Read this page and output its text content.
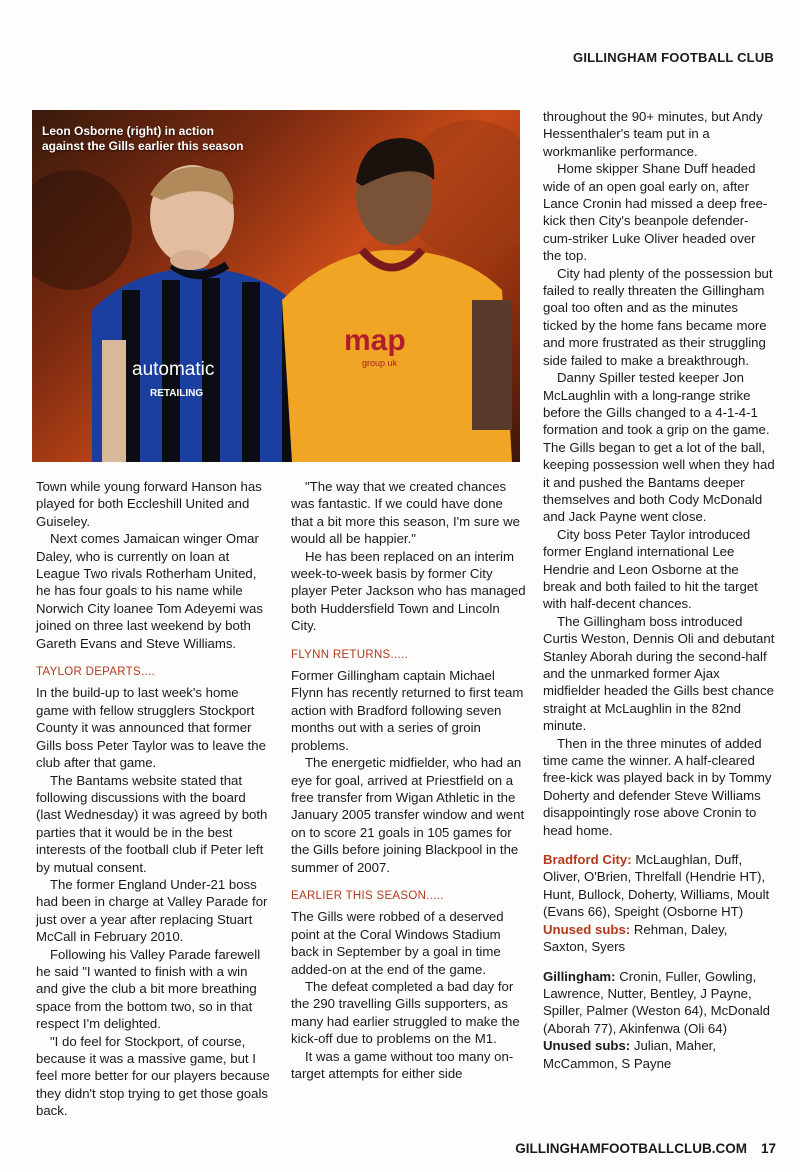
GILLINGHAM FOOTBALL CLUB
automatic
RETAILING
map
group uk
Leon Osborne (right) in action against the Gills earlier this season

Town while young forward Hanson has played for both Eccleshill United and Guiseley.

Next comes Jamaican winger Omar Daley, who is currently on loan at League Two rivals Rotherham United, he has four goals to his name while Norwich City loanee Tom Adeyemi was joined on three last weekend by both Gareth Evans and Steve Williams.

TAYLOR DEPARTS....

In the build-up to last week's home game with fellow strugglers Stockport County it was announced that former Gills boss Peter Taylor was to leave the club after that game.

The Bantams website stated that following discussions with the board (last Wednesday) it was agreed by both parties that it would be in the best interests of the football club if Peter left by mutual consent.

The former England Under-21 boss had been in charge at Valley Parade for just over a year after replacing Stuart McCall in February 2010.

Following his Valley Parade farewell he said "I wanted to finish with a win and give the club a bit more breathing space from the bottom two, so in that respect I'm delighted.

"I do feel for Stockport, of course, because it was a massive game, but I feel more better for our players because they didn't stop trying to get those goals back.

"The way that we created chances was fantastic. If we could have done that a bit more this season, I'm sure we would all be happier."

He has been replaced on an interim week-to-week basis by former City player Peter Jackson who has managed both Huddersfield Town and Lincoln City.

FLYNN RETURNS.....

Former Gillingham captain Michael Flynn has recently returned to first team action with Bradford following seven months out with a series of groin problems.

The energetic midfielder, who had an eye for goal, arrived at Priestfield on a free transfer from Wigan Athletic in the January 2005 transfer window and went on to score 21 goals in 105 games for the Gills before joining Blackpool in the summer of 2007.

EARLIER THIS SEASON.....

The Gills were robbed of a deserved point at the Coral Windows Stadium back in September by a goal in time added-on at the end of the game.

The defeat completed a bad day for the 290 travelling Gills supporters, as many had earlier struggled to make the kick-off due to problems on the M1.

It was a game without too many on-target attempts for either side

throughout the 90+ minutes, but Andy Hessenthaler's team put in a workmanlike performance.

Home skipper Shane Duff headed wide of an open goal early on, after Lance Cronin had missed a deep free-kick then City's beanpole defender-cum-striker Luke Oliver headed over the top.

City had plenty of the possession but failed to really threaten the Gillingham goal too often and as the minutes ticked by the home fans became more and more frustrated as their struggling side failed to make a breakthrough.

Danny Spiller tested keeper Jon McLaughlin with a long-range strike before the Gills changed to a 4-1-4-1 formation and took a grip on the game. The Gills began to get a lot of the ball, keeping possession well when they had it and pushed the Bantams deeper themselves and both Cody McDonald and Jack Payne went close.

City boss Peter Taylor introduced former England international Lee Hendrie and Leon Osborne at the break and both failed to hit the target with half-decent chances.

The Gillingham boss introduced Curtis Weston, Dennis Oli and debutant Stanley Aborah during the second-half and the unmarked former Ajax midfielder headed the Gills best chance straight at McLaughlin in the 82nd minute.

Then in the three minutes of added time came the winner. A half-cleared free-kick was played back in by Tommy Doherty and defender Steve Williams disappointingly rose above Cronin to head home.

Bradford City: McLaughlan, Duff, Oliver, O'Brien, Threlfall (Hendrie HT), Hunt, Bullock, Doherty, Williams, Moult (Evans 66), Speight (Osborne HT) Unused subs: Rehman, Daley, Saxton, Syers

Gillingham: Cronin, Fuller, Gowling, Lawrence, Nutter, Bentley, J Payne, Spiller, Palmer (Weston 64), McDonald (Aborah 77), Akinfenwa (Oli 64) Unused subs: Julian, Maher, McCammon, S Payne

GILLINGHAMFOOTBALLCLUB.COM 17
